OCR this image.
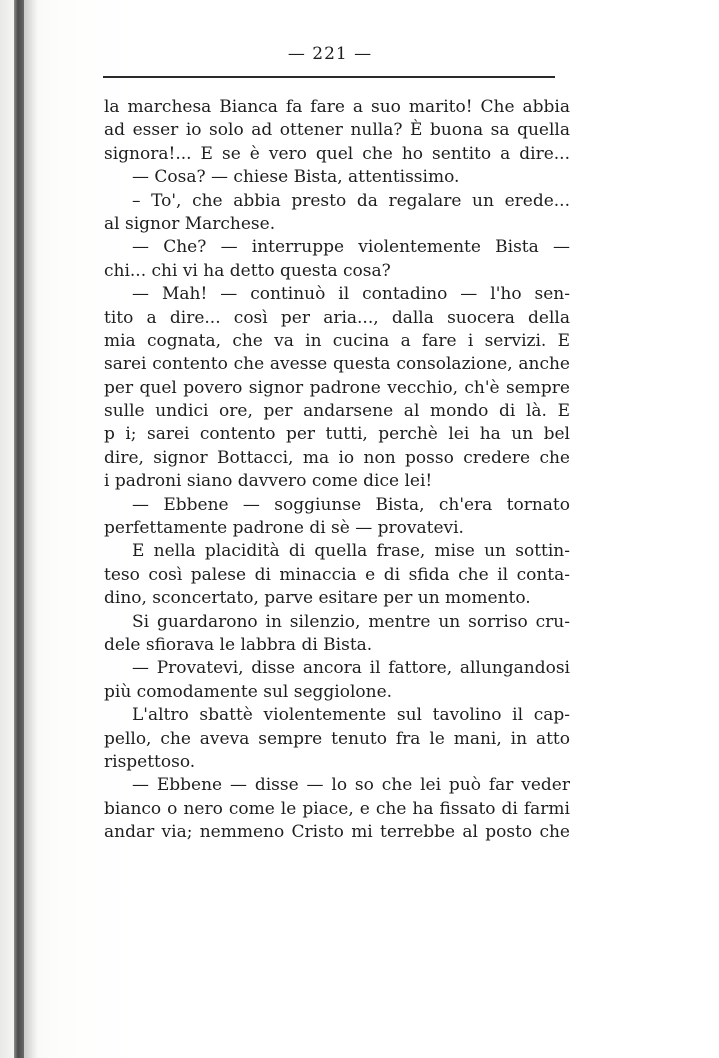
— 221 —
la marchesa Bianca fa fare a suo marito! Che abbia
ad esser io solo ad ottener nulla? È buona sa quella
signora!... E se è vero quel che ho sentito a dire...
— Cosa? — chiese Bista, attentissimo.
– To', che abbia presto da regalare un erede...
al signor Marchese.
— Che? — interruppe violentemente Bista —
chi... chi vi ha detto questa cosa?
— Mah! — continuò il contadino — l'ho sen-
tito a dire... così per aria..., dalla suocera della
mia cognata, che va in cucina a fare i servizi. E
sarei contento che avesse questa consolazione, anche
per quel povero signor padrone vecchio, ch'è sempre
sulle undici ore, per andarsene al mondo di là. E
p i; sarei contento per tutti, perchè lei ha un bel
dire, signor Bottacci, ma io non posso credere che
i padroni siano davvero come dice lei!
— Ebbene — soggiunse Bista, ch'era tornato
perfettamente padrone di sè — provatevi.
E nella placidità di quella frase, mise un sottin-
teso così palese di minaccia e di sfida che il conta-
dino, sconcertato, parve esitare per un momento.
Si guardarono in silenzio, mentre un sorriso cru-
dele sfiorava le labbra di Bista.
— Provatevi, disse ancora il fattore, allungandosi
più comodamente sul seggiolone.
L'altro sbattè violentemente sul tavolino il cap-
pello, che aveva sempre tenuto fra le mani, in atto
rispettoso.
— Ebbene — disse — lo so che lei può far veder
bianco o nero come le piace, e che ha fissato di farmi
andar via; nemmeno Cristo mi terrebbe al posto che
